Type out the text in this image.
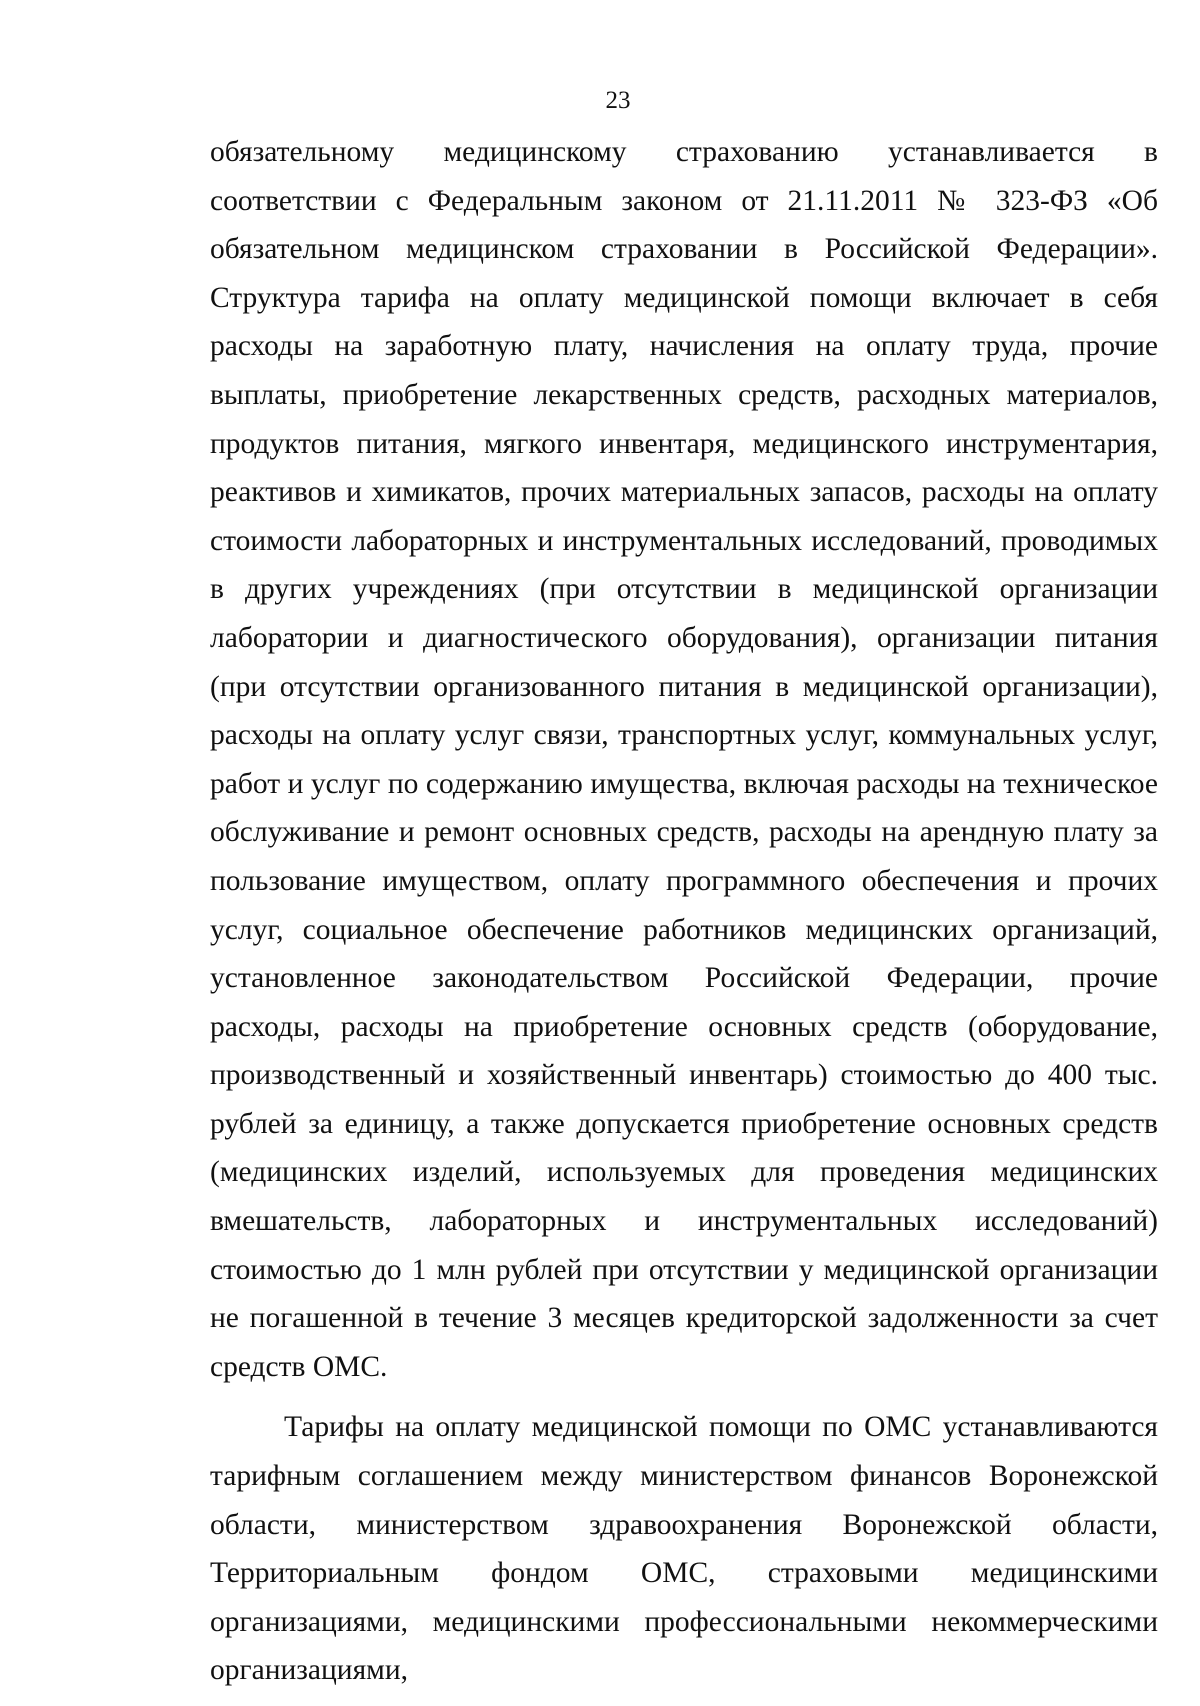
23

обязательному медицинскому страхованию устанавливается в соответствии с Федеральным законом от 21.11.2011 № 323-ФЗ «Об обязательном медицинском страховании в Российской Федерации». Структура тарифа на оплату медицинской помощи включает в себя расходы на заработную плату, начисления на оплату труда, прочие выплаты, приобретение лекарственных средств, расходных материалов, продуктов питания, мягкого инвентаря, медицинского инструментария, реактивов и химикатов, прочих материальных запасов, расходы на оплату стоимости лабораторных и инструментальных исследований, проводимых в других учреждениях (при отсутствии в медицинской организации лаборатории и диагностического оборудования), организации питания (при отсутствии организованного питания в медицинской организации), расходы на оплату услуг связи, транспортных услуг, коммунальных услуг, работ и услуг по содержанию имущества, включая расходы на техническое обслуживание и ремонт основных средств, расходы на арендную плату за пользование имуществом, оплату программного обеспечения и прочих услуг, социальное обеспечение работников медицинских организаций, установленное законодательством Российской Федерации, прочие расходы, расходы на приобретение основных средств (оборудование, производственный и хозяйственный инвентарь) стоимостью до 400 тыс. рублей за единицу, а также допускается приобретение основных средств (медицинских изделий, используемых для проведения медицинских вмешательств, лабораторных и инструментальных исследований) стоимостью до 1 млн рублей при отсутствии у медицинской организации не погашенной в течение 3 месяцев кредиторской задолженности за счет средств ОМС.

Тарифы на оплату медицинской помощи по ОМС устанавливаются тарифным соглашением между министерством финансов Воронежской области, министерством здравоохранения Воронежской области, Территориальным фондом ОМС, страховыми медицинскими организациями, медицинскими профессиональными некоммерческими организациями,
